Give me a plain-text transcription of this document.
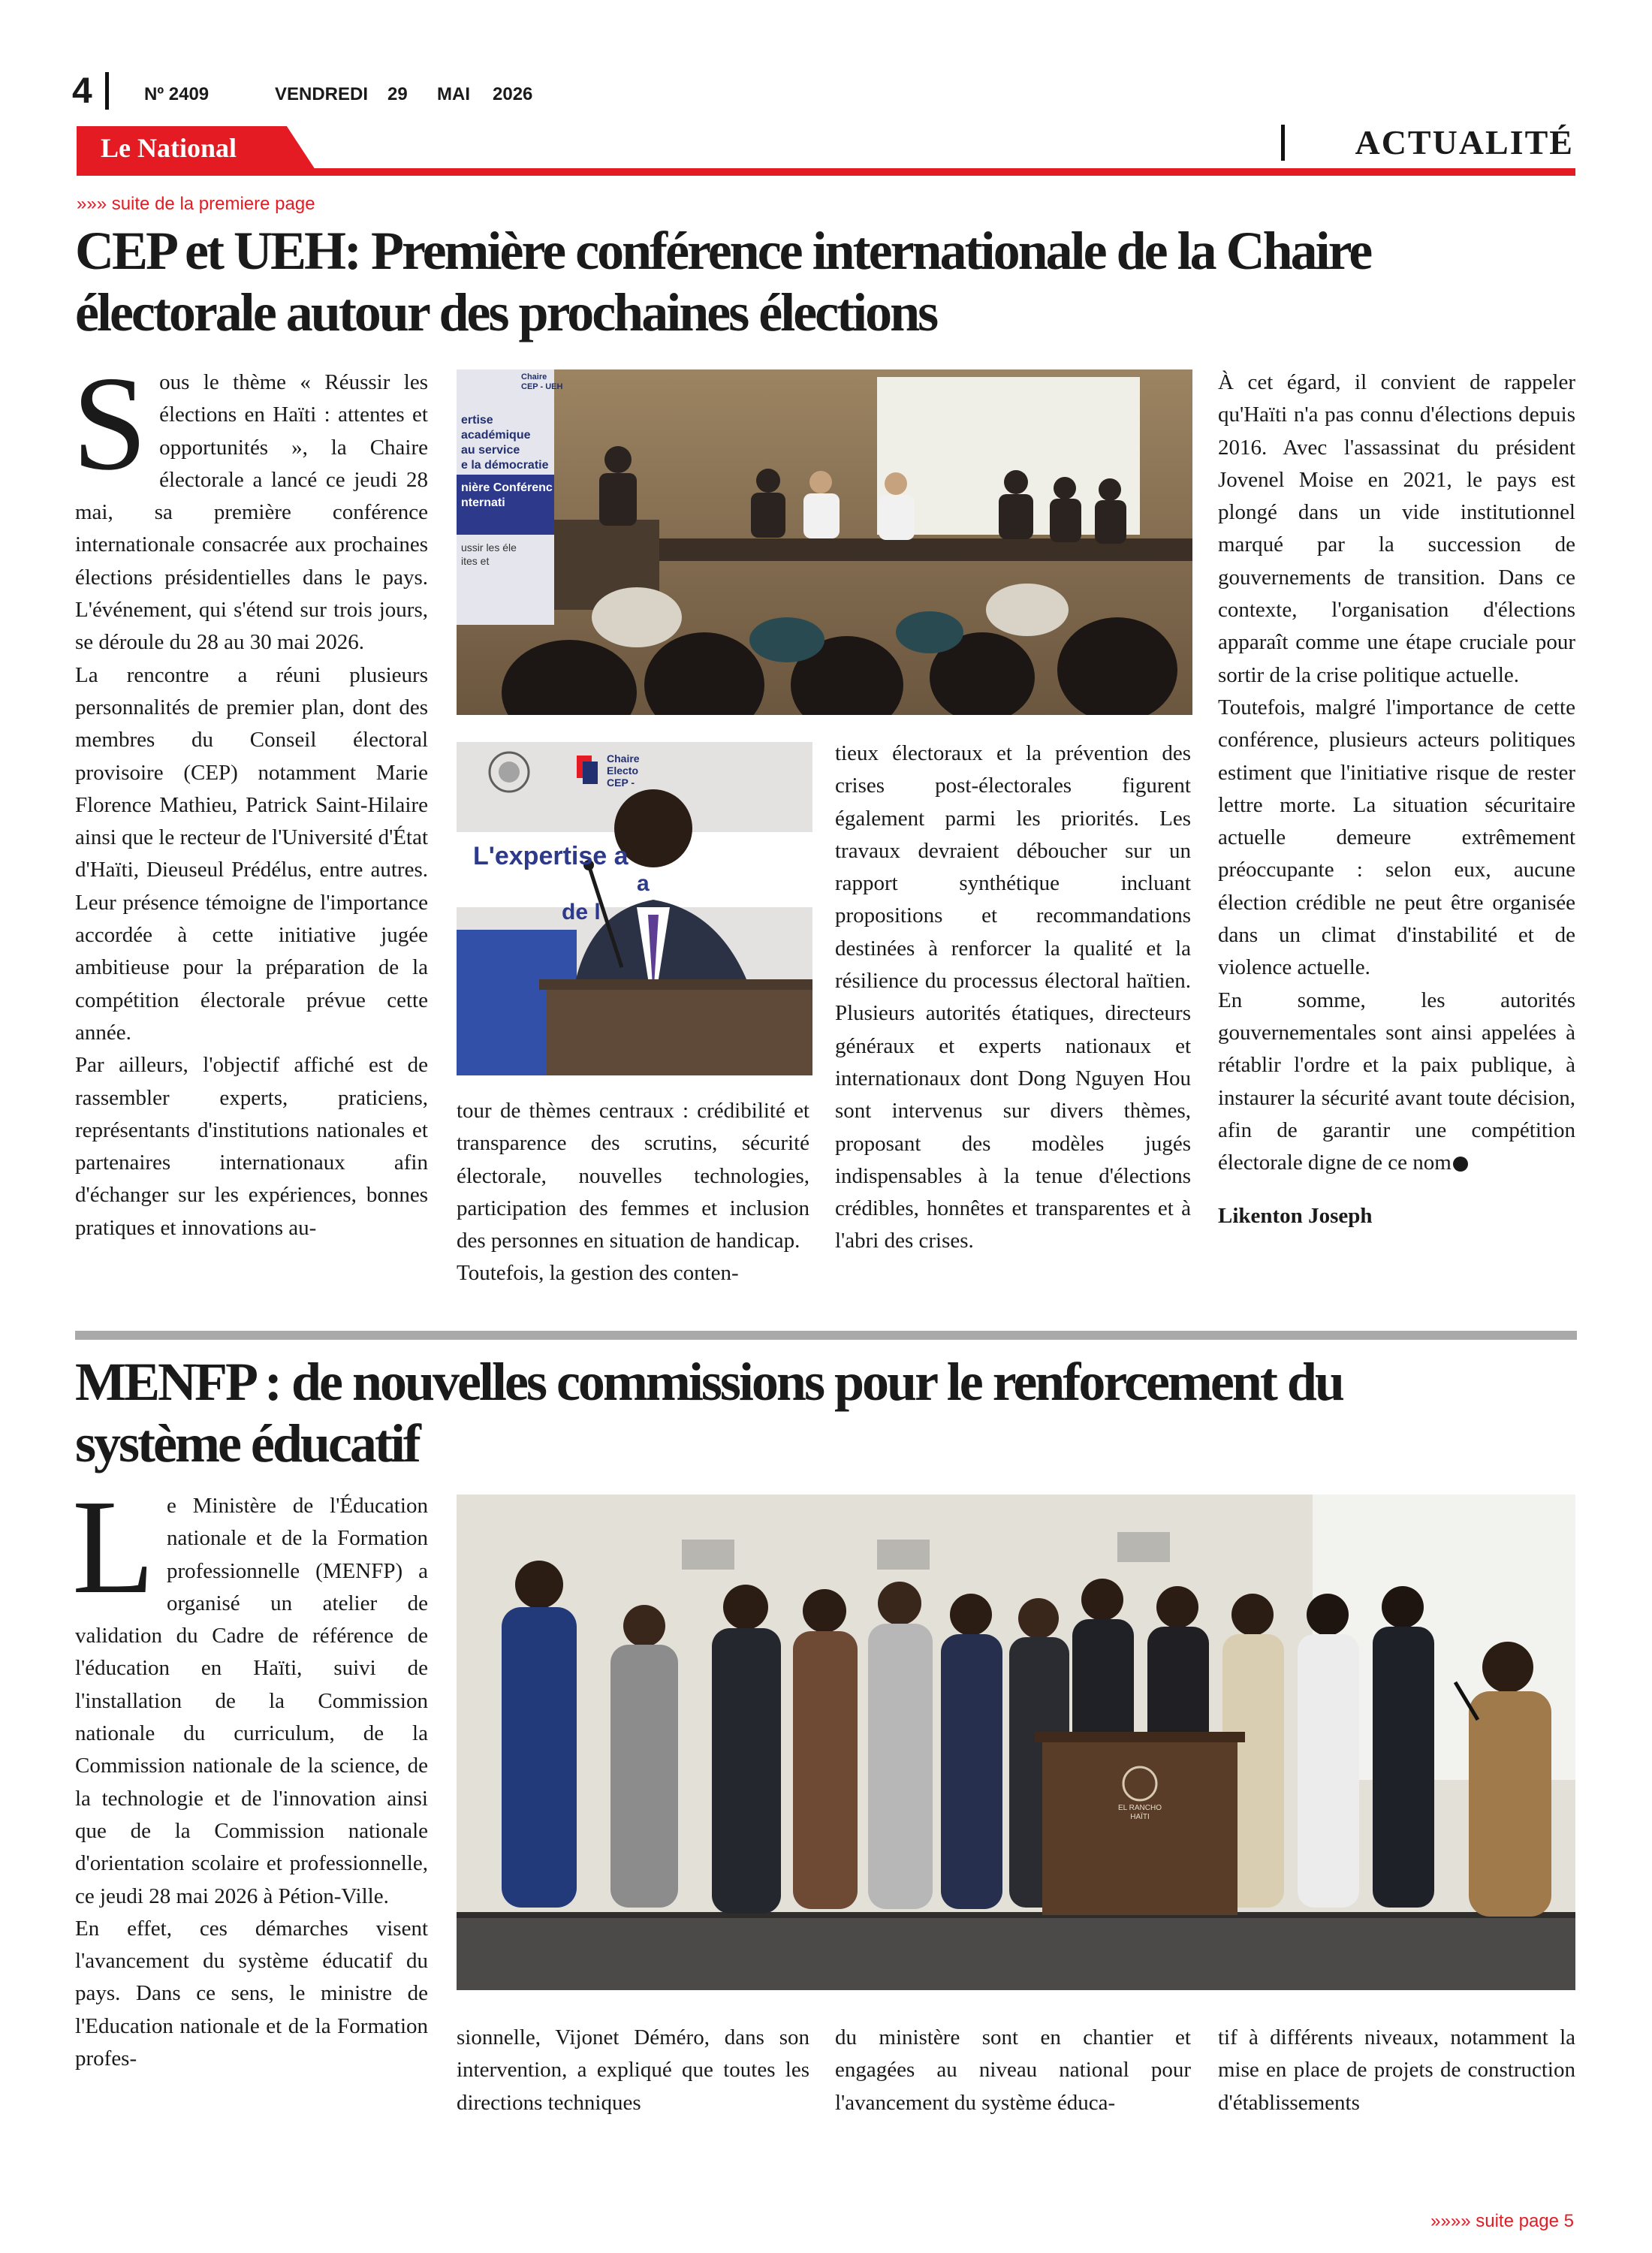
4	Nº 2409	VENDREDI 29 MAI 2026
Le National	ACTUALITÉ
»»» suite de la premiere page
CEP et UEH: Première conférence internationale de la Chaire
électorale autour des prochaines élections

Sous le thème « Réussir les élections en Haïti : attentes et opportunités », la Chaire électorale a lancé ce jeudi 28 mai, sa première conférence internationale consacrée aux prochaines élections présidentielles dans le pays. L'événement, qui s'étend sur trois jours, se déroule du 28 au 30 mai 2026.

La rencontre a réuni plusieurs personnalités de premier plan, dont des membres du Conseil électoral provisoire (CEP) notamment Marie Florence Mathieu, Patrick Saint-Hilaire ainsi que le recteur de l'Université d'État d'Haïti, Dieuseul Prédélus, entre autres. Leur présence témoigne de l'importance accordée à cette initiative jugée ambitieuse pour la préparation de la compétition électorale prévue cette année.

Par ailleurs, l'objectif affiché est de rassembler experts, praticiens, représentants d'institutions nationales et partenaires internationaux afin d'échanger sur les expériences, bonnes pratiques et innovations au-

ertise académique
au service
e la démocratie
nière Conférenc
nternati
ussir les éle
ites et
Chaire
CEP - UEH
L'expertise a
a
de l
Chaire
Electo
CEP -

tour de thèmes centraux : crédibilité et transparence des scrutins, sécurité électorale, nouvelles technologies, participation des femmes et inclusion des personnes en situation de handicap.

Toutefois, la gestion des conten-

tieux électoraux et la prévention des crises post-électorales figurent également parmi les priorités. Les travaux devraient déboucher sur un rapport synthétique incluant propositions et recommandations destinées à renforcer la qualité et la résilience du processus électoral haïtien. Plusieurs autorités étatiques, directeurs généraux et experts nationaux et internationaux dont Dong Nguyen Hou sont intervenus sur divers thèmes, proposant des modèles jugés indispensables à la tenue d'élections crédibles, honnêtes et transparentes et à l'abri des crises.

À cet égard, il convient de rappeler qu'Haïti n'a pas connu d'élections depuis 2016. Avec l'assassinat du président Jovenel Moise en 2021, le pays est plongé dans un vide institutionnel marqué par la succession de gouvernements de transition. Dans ce contexte, l'organisation d'élections apparaît comme une étape cruciale pour sortir de la crise politique actuelle.

Toutefois, malgré l'importance de cette conférence, plusieurs acteurs politiques estiment que l'initiative risque de rester lettre morte. La situation sécuritaire actuelle demeure extrêmement préoccupante : selon eux, aucune élection crédible ne peut être organisée dans un climat d'instabilité et de violence actuelle.

En somme, les autorités gouvernementales sont ainsi appelées à rétablir l'ordre et la paix publique, à instaurer la sécurité avant toute décision, afin de garantir une compétition électorale digne de ce nom

Likenton Joseph

MENFP : de nouvelles commissions pour le renforcement du
système éducatif

Le Ministère de l'Éducation nationale et de la Formation professionnelle (MENFP) a organisé un atelier de validation du Cadre de référence de l'éducation en Haïti, suivi de l'installation de la Commission nationale du curriculum, de la Commission nationale de la science, de la technologie et de l'innovation ainsi que de la Commission nationale d'orientation scolaire et professionnelle, ce jeudi 28 mai 2026 à Pétion-Ville.

En effet, ces démarches visent l'avancement du système éducatif du pays. Dans ce sens, le ministre de l'Education nationale et de la Formation profes-

EL RANCHO HAÏTI

sionnelle, Vijonet Déméro, dans son intervention, a expliqué que toutes les directions techniques

du ministère sont en chantier et engagées au niveau national pour l'avancement du système éduca-

tif à différents niveaux, notamment la mise en place de projets de construction d'établissements

»»»» suite page 5
